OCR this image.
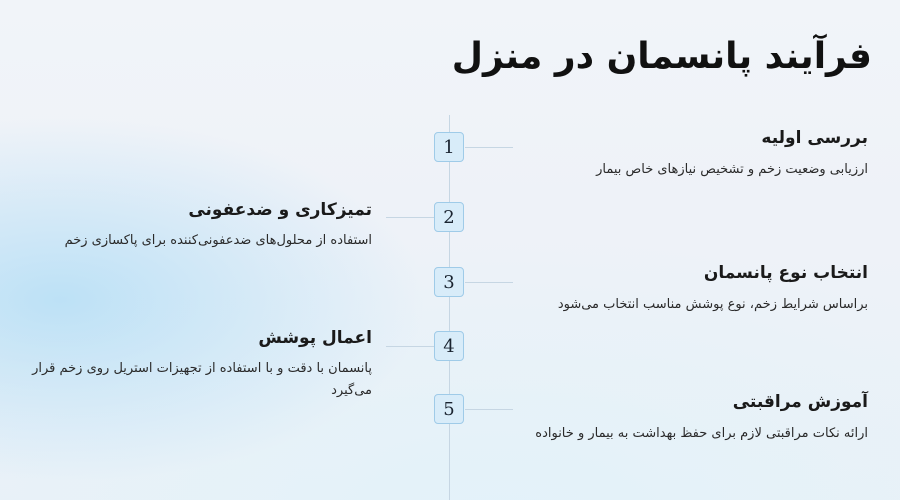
فرآیند پانسمان در منزل
1	بررسی اولیه

ارزیابی وضعیت زخم و تشخیص نیازهای خاص بیمار

2

تمیزکاری و ضدعفونی

استفاده از محلول‌های ضدعفونی‌کننده برای پاکسازی زخم

3	انتخاب نوع پانسمان

براساس شرایط زخم، نوع پوشش مناسب انتخاب می‌شود

4

اعمال پوشش

پانسمان با دقت و با استفاده از تجهیزات استریل روی زخم قرار می‌گیرد

5	آموزش مراقبتی

ارائه نکات مراقبتی لازم برای حفظ بهداشت به بیمار و خانواده
